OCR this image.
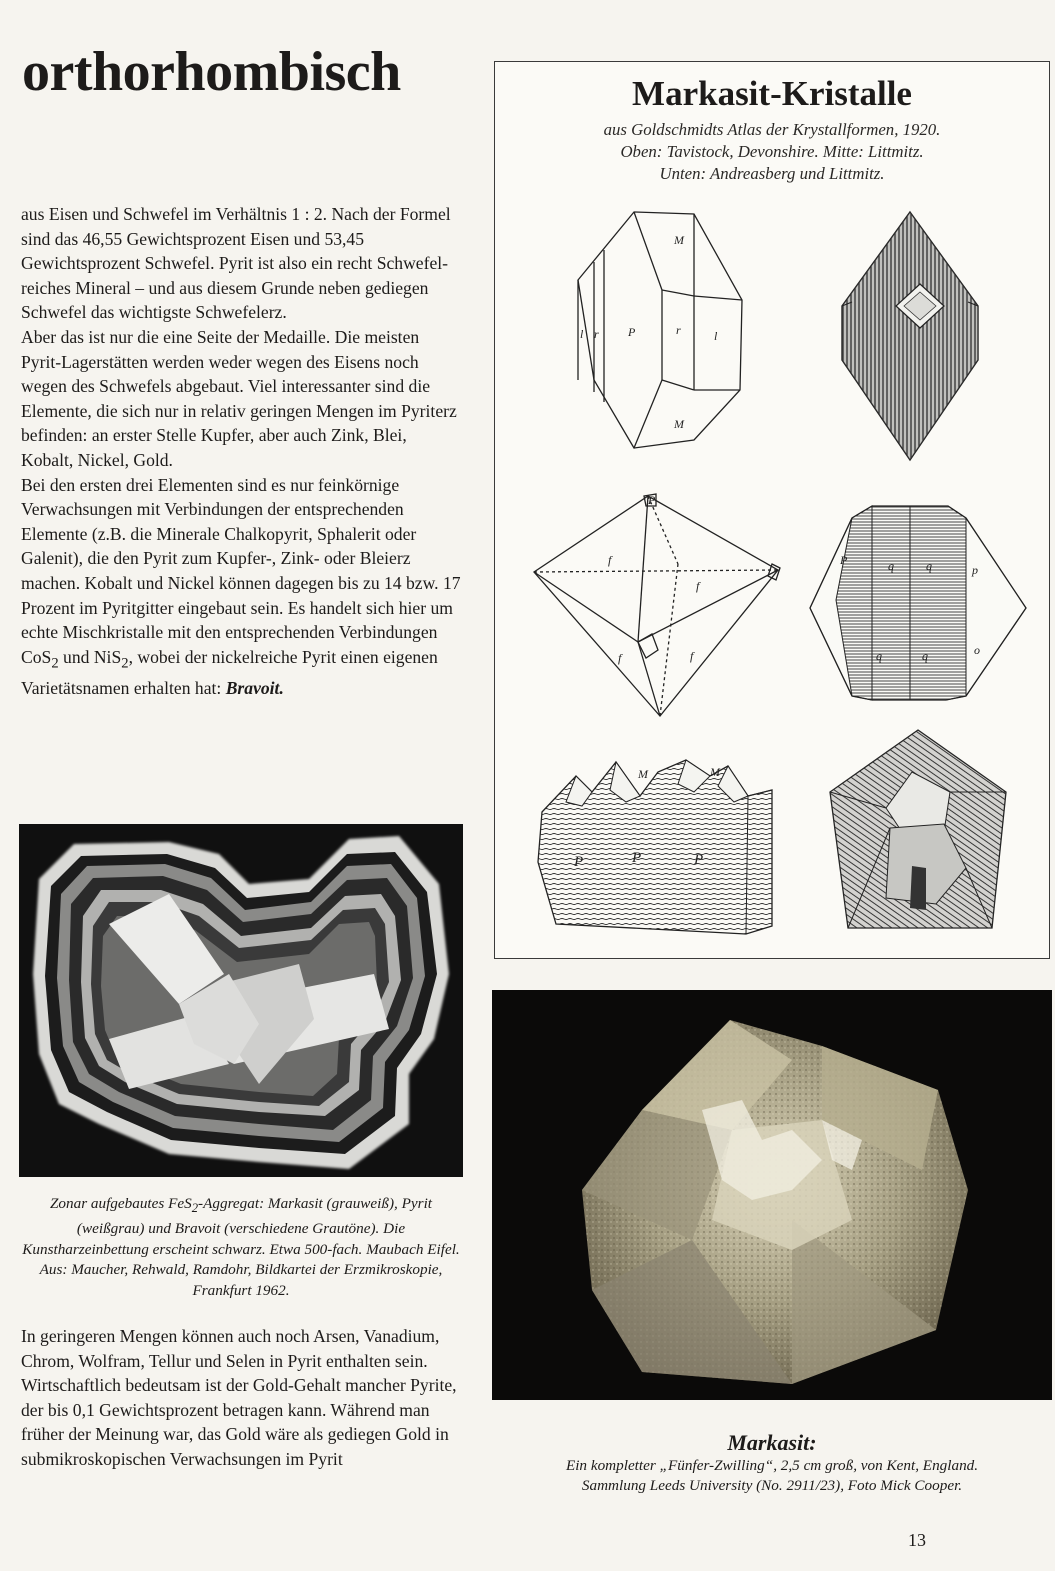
orthorhombisch

aus Eisen und Schwefel im Verhältnis 1 : 2. Nach der Formel sind das 46,55 Gewichtsprozent Eisen und 53,45 Gewichtsprozent Schwefel. Pyrit ist also ein recht Schwefel-reiches Mineral – und aus diesem Grunde neben gediegen Schwefel das wichtigste Schwefelerz.

Aber das ist nur die eine Seite der Medaille. Die meisten Pyrit-Lagerstätten werden weder wegen des Eisens noch wegen des Schwefels abgebaut. Viel interessanter sind die Elemente, die sich nur in relativ geringen Mengen im Pyriterz befinden: an erster Stelle Kupfer, aber auch Zink, Blei, Kobalt, Nickel, Gold.

Bei den ersten drei Elementen sind es nur feinkörnige Verwachsungen mit Verbindungen der entsprechenden Elemente (z.B. die Minerale Chalkopyrit, Sphalerit oder Galenit), die den Pyrit zum Kupfer-, Zink- oder Bleierz machen. Kobalt und Nickel können dagegen bis zu 14 bzw. 17 Prozent im Pyritgitter eingebaut sein. Es handelt sich hier um echte Mischkristalle mit den entsprechenden Verbindungen CoS$_2$ und NiS$_2$, wobei der nickelreiche Pyrit einen eigenen Varietätsnamen erhalten hat: Bravoit.

Zonar aufgebautes FeS$_2$-Aggregat: Markasit (grauweiß), Pyrit (weißgrau) und Bravoit (verschiedene Grautöne). Die Kunstharzeinbettung erscheint schwarz. Etwa 500-fach. Maubach Eifel. Aus: Maucher, Rehwald, Ramdohr, Bildkartei der Erzmikroskopie, Frankfurt 1962.

In geringeren Mengen können auch noch Arsen, Vanadium, Chrom, Wolfram, Tellur und Selen in Pyrit enthalten sein. Wirtschaftlich bedeutsam ist der Gold-Gehalt mancher Pyrite, der bis 0,1 Gewichtsprozent betragen kann. Während man früher der Meinung war, das Gold wäre als gediegen Gold in submikroskopischen Verwachsungen im Pyrit

Markasit-Kristalle
aus Goldschmidts Atlas der Krystallformen, 1920.
Oben: Tavistock, Devonshire. Mitte: Littmitz.
Unten: Andreasberg und Littmitz.
M
l r P	r	l
M
f
f
f	f
P
P
p
q	q
q	q	o
P	P	P
M	M
Markasit:
Ein kompletter „Fünfer-Zwilling“, 2,5 cm groß, von Kent, England.
Sammlung Leeds University (No. 2911/23), Foto Mick Cooper.
13
